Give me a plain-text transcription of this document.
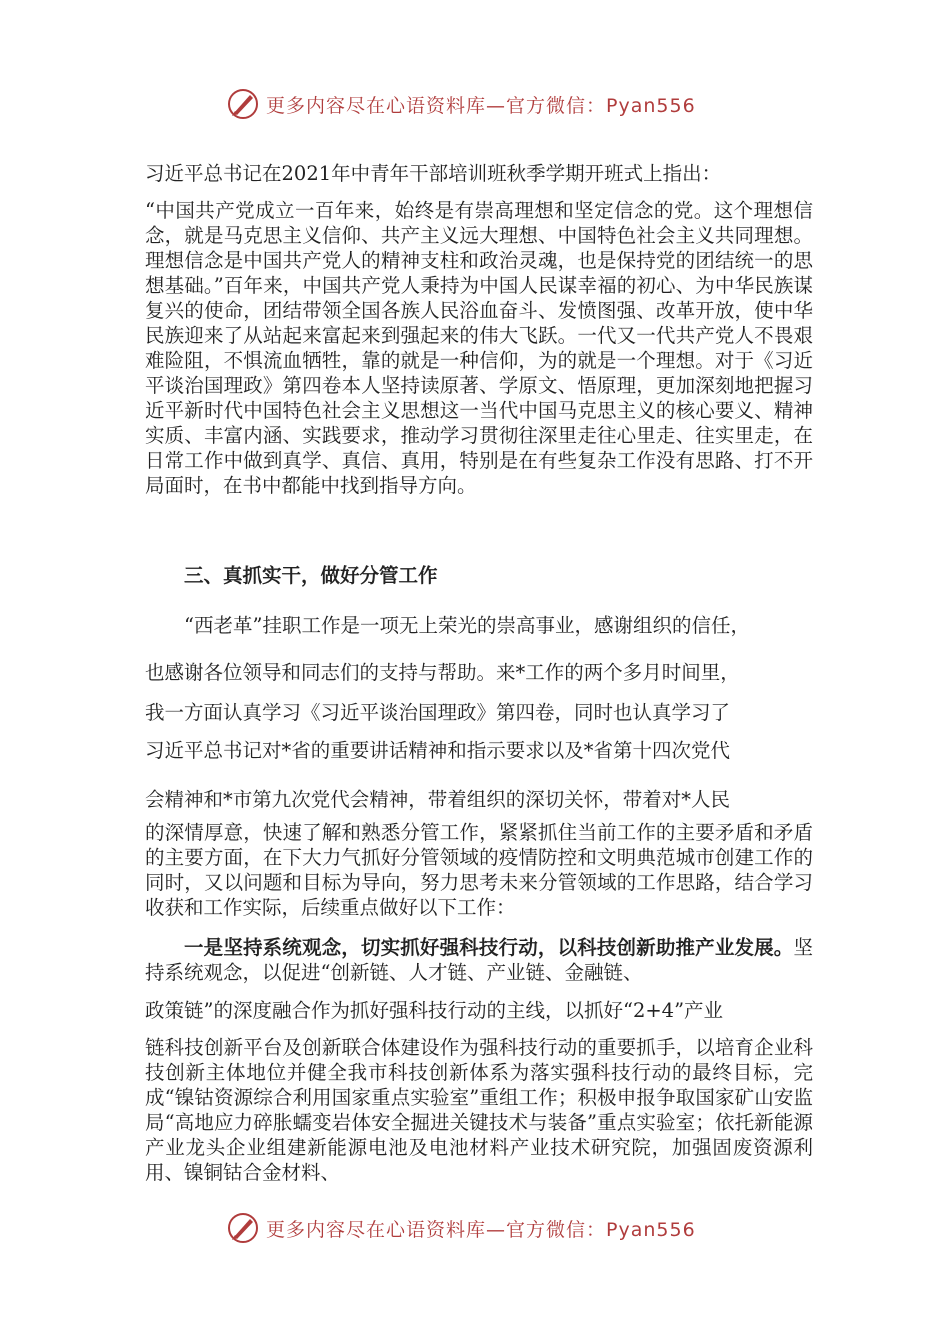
更多内容尽在心语资料库—官方微信：Pyan556

习近平总书记在2021年中青年干部培训班秋季学期开班式上指出：

“中国共产党成立一百年来，始终是有崇高理想和坚定信念的党。这个理想信念，就是马克思主义信仰、共产主义远大理想、中国特色社会主义共同理想。理想信念是中国共产党人的精神支柱和政治灵魂，也是保持党的团结统一的思想基础。”百年来，中国共产党人秉持为中国人民谋幸福的初心、为中华民族谋复兴的使命，团结带领全国各族人民浴血奋斗、发愤图强、改革开放，使中华民族迎来了从站起来富起来到强起来的伟大飞跃。一代又一代共产党人不畏艰难险阻，不惧流血牺牲，靠的就是一种信仰，为的就是一个理想。对于《习近平谈治国理政》第四卷本人坚持读原著、学原文、悟原理，更加深刻地把握习近平新时代中国特色社会主义思想这一当代中国马克思主义的核心要义、精神实质、丰富内涵、实践要求，推动学习贯彻往深里走往心里走、往实里走，在日常工作中做到真学、真信、真用，特别是在有些复杂工作没有思路、打不开局面时，在书中都能中找到指导方向。

三、真抓实干，做好分管工作

“西老革”挂职工作是一项无上荣光的崇高事业，感谢组织的信任，

也感谢各位领导和同志们的支持与帮助。来*工作的两个多月时间里，

我一方面认真学习《习近平谈治国理政》第四卷，同时也认真学习了

习近平总书记对*省的重要讲话精神和指示要求以及*省第十四次党代

会精神和*市第九次党代会精神，带着组织的深切关怀，带着对*人民

的深情厚意，快速了解和熟悉分管工作，紧紧抓住当前工作的主要矛盾和矛盾的主要方面，在下大力气抓好分管领域的疫情防控和文明典范城市创建工作的同时，又以问题和目标为导向，努力思考未来分管领域的工作思路，结合学习收获和工作实际，后续重点做好以下工作：

一是坚持系统观念，切实抓好强科技行动，以科技创新助推产业发展。坚持系统观念，以促进“创新链、人才链、产业链、金融链、

政策链”的深度融合作为抓好强科技行动的主线，以抓好“2+4”产业

链科技创新平台及创新联合体建设作为强科技行动的重要抓手，以培育企业科技创新主体地位并健全我市科技创新体系为落实强科技行动的最终目标，完成“镍钴资源综合利用国家重点实验室”重组工作；积极申报争取国家矿山安监局“高地应力碎胀蠕变岩体安全掘进关键技术与装备”重点实验室；依托新能源产业龙头企业组建新能源电池及电池材料产业技术研究院，加强固废资源利用、镍铜钴合金材料、

更多内容尽在心语资料库—官方微信：Pyan556
